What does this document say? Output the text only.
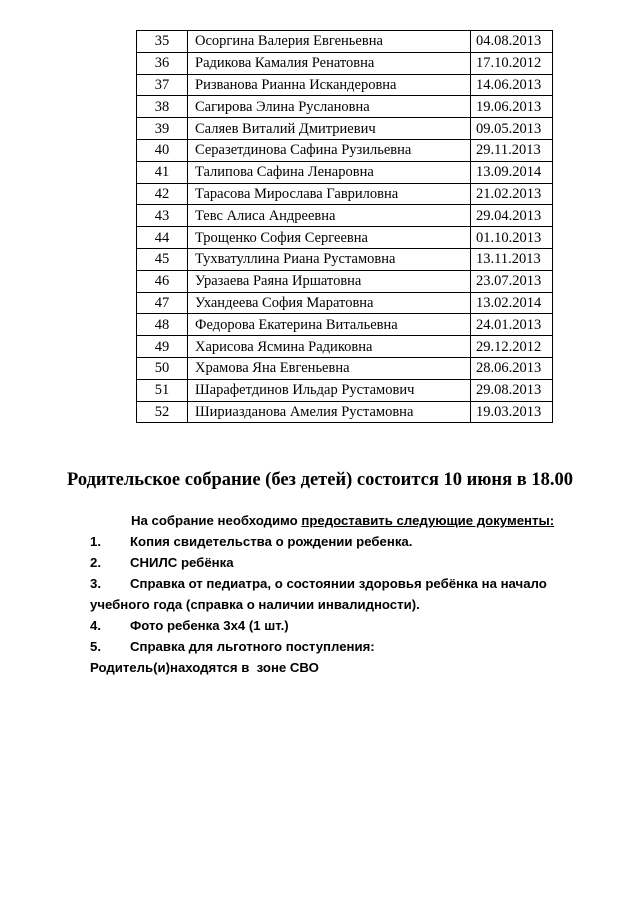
35	Осоргина Валерия Евгеньевна	04.08.2013
36	Радикова Камалия Ренатовна	17.10.2012
37	Ризванова Рианна Искандеровна	14.06.2013
38	Сагирова Элина Руслановна	19.06.2013
39	Саляев Виталий Дмитриевич	09.05.2013
40	Серазетдинова Сафина Рузильевна	29.11.2013
41	Талипова Сафина Ленаровна	13.09.2014
42	Тарасова Мирослава Гавриловна	21.02.2013
43	Тевс Алиса Андреевна	29.04.2013
44	Трощенко София Сергеевна	01.10.2013
45	Тухватуллина Риана Рустамовна	13.11.2013
46	Уразаева Раяна Иршатовна	23.07.2013
47	Ухандеева София Маратовна	13.02.2014
48	Федорова Екатерина Витальевна	24.01.2013
49	Харисова Ясмина Радиковна	29.12.2012
50	Храмова Яна Евгеньевна	28.06.2013
51	Шарафетдинов Ильдар Рустамович	29.08.2013
52	Шириазданова Амелия Рустамовна	19.03.2013
Родительское собрание (без детей) состоится 10 июня в 18.00
На собрание необходимо предоставить следующие документы:
1. Копия свидетельства о рождении ребенка.
2. СНИЛС ребёнка
3. Справка от педиатра, о состоянии здоровья ребёнка на начало
учебного года (справка о наличии инвалидности).
4. Фото ребенка 3х4 (1 шт.)
5. Справка для льготного поступления:
Родитель(и)находятся в  зоне СВО
